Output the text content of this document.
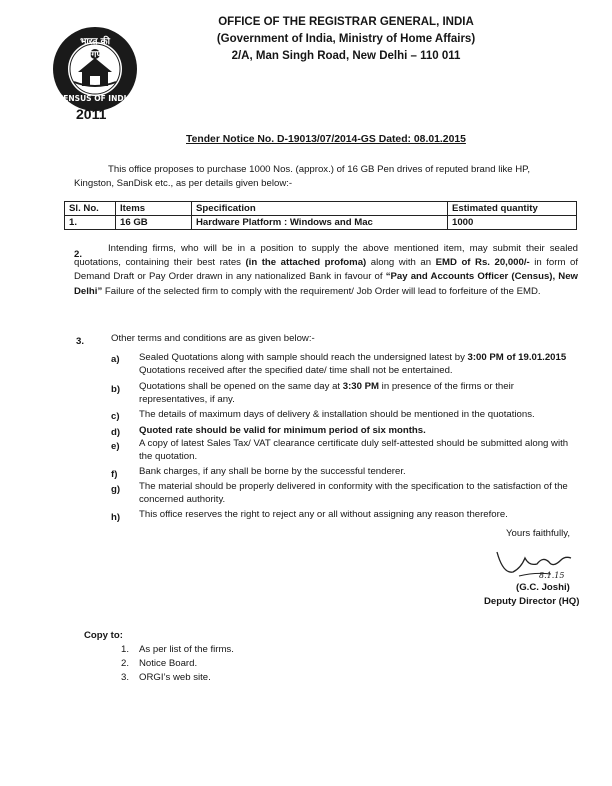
भारत की जनगणना
CENSUS OF INDIA
2011
OFFICE OF THE REGISTRAR GENERAL, INDIA
(Government of India, Ministry of Home Affairs)
2/A, Man Singh Road, New Delhi – 110 011
Tender Notice No. D-19013/07/2014-GS Dated: 08.01.2015
This office proposes to purchase 1000 Nos. (approx.) of 16 GB Pen drives of reputed brand like HP,
Kingston, SanDisk etc., as per details given below:-
Sl. No.	Items	Specification	Estimated quantity
1.	16 GB	Hardware Platform : Windows and Mac	1000
2.
Intending firms, who will be in a position to supply the above mentioned item, may submit their sealed quotations, containing their best rates (in the attached profoma) along with an EMD of Rs. 20,000/- in form of Demand Draft or Pay Order drawn in any nationalized Bank in favour of “Pay and Accounts Officer (Census), New Delhi” Failure of the selected firm to comply with the requirement/ Job Order will lead to forfeiture of the EMD.
3.	Other terms and conditions are as given below:-
a) Sealed Quotations along with sample should reach the undersigned latest by 3:00 PM of 19.01.2015 Quotations received after the specified date/ time shall not be entertained.
b) Quotations shall be opened on the same day at 3:30 PM in presence of the firms or their representatives, if any.
c) The details of maximum days of delivery & installation should be mentioned in the quotations.
d) Quoted rate should be valid for minimum period of six months.
e) A copy of latest Sales Tax/ VAT clearance certificate duly self-attested should be submitted along with the quotation.
f) Bank charges, if any shall be borne by the successful tenderer.
g) The material should be properly delivered in conformity with the specification to the satisfaction of the concerned authority.
h) This office reserves the right to reject any or all without assigning any reason therefore.
Yours faithfully,
8.1.15
(G.C. Joshi)
Deputy Director (HQ)
Copy to:
1. As per list of the firms.
2. Notice Board.
3. ORGI’s web site.
